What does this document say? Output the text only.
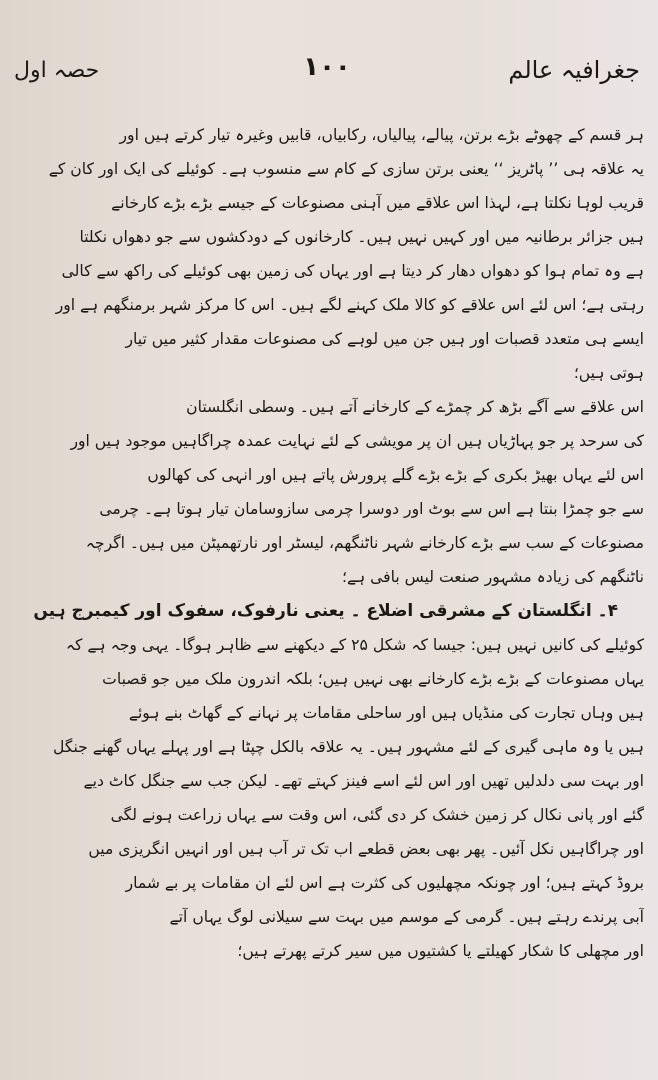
جغرافیہ عالم
۱۰۰
حصہ اول
ہر قسم کے چھوٹے بڑے برتن، پیالے، پیالیاں، رکابیاں، قابیں وغیرہ تیار کرتے ہیں اور
یہ علاقہ ہی ’’ پاٹریز ‘‘ یعنی برتن سازی کے کام سے منسوب ہے۔ کوئیلے کی ایک اور کان کے
قریب لوہا نکلتا ہے، لہذا اس علاقے میں آہنی مصنوعات کے جیسے بڑے بڑے کارخانے
ہیں جزائر برطانیہ میں اور کہیں نہیں ہیں۔ کارخانوں کے دودکشوں سے جو دھواں نکلتا
ہے وہ تمام ہوا کو دھواں دھار کر دیتا ہے اور یہاں کی زمین بھی کوئیلے کی راکھ سے کالی
رہتی ہے؛ اس لئے اس علاقے کو کالا ملک کہنے لگے ہیں۔ اس کا مرکز شہر برمنگھم ہے اور
ایسے ہی متعدد قصبات اور ہیں جن میں لوہے کی مصنوعات مقدار کثیر میں تیار
ہوتی ہیں؛
اس علاقے سے آگے بڑھ کر چمڑے کے کارخانے آتے ہیں۔ وسطی انگلستان
کی سرحد پر جو پہاڑیاں ہیں ان پر مویشی کے لئے نہایت عمدہ چراگاہیں موجود ہیں اور
اس لئے یہاں بھیڑ بکری کے بڑے بڑے گلے پرورش پاتے ہیں اور انہی کی کھالوں
سے جو چمڑا بنتا ہے اس سے بوٹ اور دوسرا چرمی سازوسامان تیار ہوتا ہے۔ چرمی
مصنوعات کے سب سے بڑے کارخانے شہر ناٹنگھم، لیسٹر اور نارتھمپٹن میں ہیں۔ اگرچہ
ناٹنگھم کی زیادہ مشہور صنعت لیس بافی ہے؛
۴۔ انگلستان کے مشرقی اضلاع ۔ یعنی نارفوک، سفوک اور کیمبرج ہیں
کوئیلے کی کانیں نہیں ہیں: جیسا کہ شکل ۲۵ کے دیکھنے سے ظاہر ہوگا۔ یہی وجہ ہے کہ
یہاں مصنوعات کے بڑے بڑے کارخانے بھی نہیں ہیں؛ بلکہ اندرون ملک میں جو قصبات
ہیں وہاں تجارت کی منڈیاں ہیں اور ساحلی مقامات پر نہانے کے گھاٹ بنے ہوئے
ہیں یا وہ ماہی گیری کے لئے مشہور ہیں۔ یہ علاقہ بالکل چپٹا ہے اور پہلے یہاں گھنے جنگل
اور بہت سی دلدلیں تھیں اور اس لئے اسے فینز کہتے تھے۔ لیکن جب سے جنگل کاٹ دیے
گئے اور پانی نکال کر زمین خشک کر دی گئی، اس وقت سے یہاں زراعت ہونے لگی
اور چراگاہیں نکل آئیں۔ پھر بھی بعض قطعے اب تک تر آب ہیں اور انہیں انگریزی میں
بروڈ کہتے ہیں؛ اور چونکہ مچھلیوں کی کثرت ہے اس لئے ان مقامات پر بے شمار
آبی پرندے رہتے ہیں۔ گرمی کے موسم میں بہت سے سیلانی لوگ یہاں آتے
اور مچھلی کا شکار کھیلتے یا کشتیوں میں سیر کرتے پھرتے ہیں؛
